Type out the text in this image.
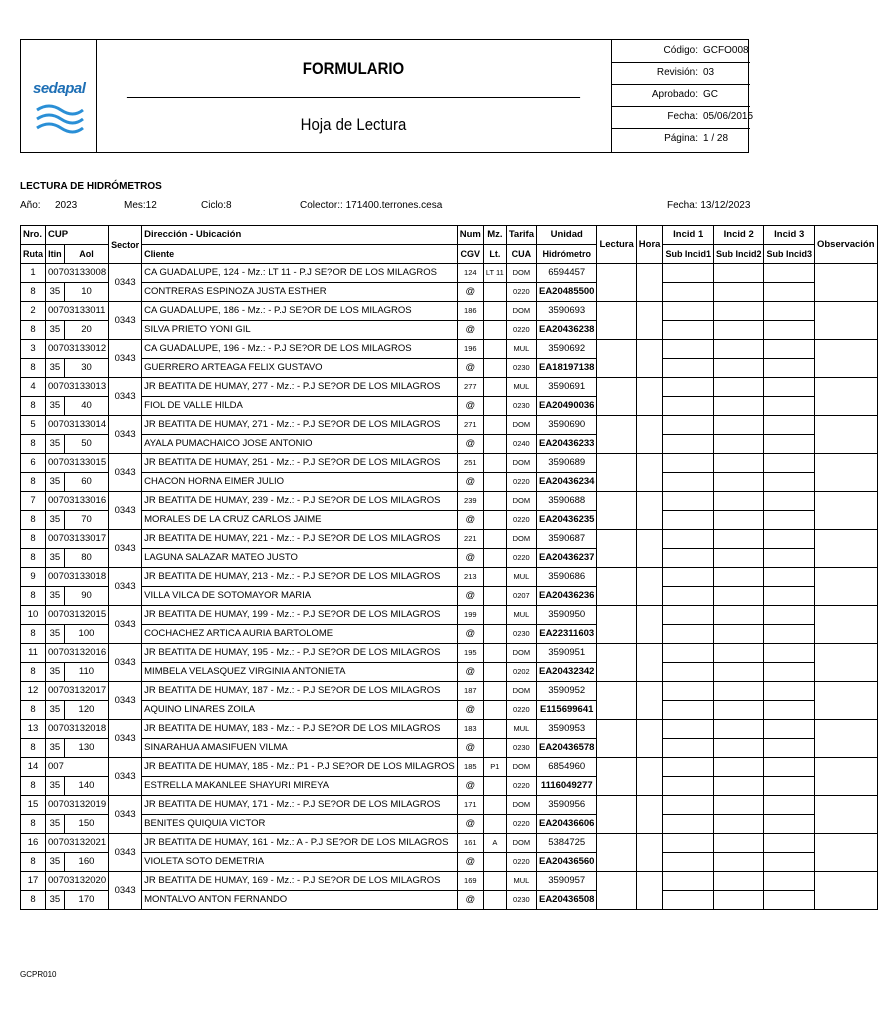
sedapal
FORMULARIO
Hoja de Lectura
Código: GCFO008
Revisión: 03
Aprobado: GC
Fecha: 05/06/2015
Página: 1 / 28
LECTURA DE HIDRÓMETROS
Año: 2023	Mes:12	Ciclo:8	Colector:: 171400.terrones.cesa	Fecha: 13/12/2023
Nro.	CUP		Sector	Dirección - Ubicación	Num	Mz.	Tarifa	Unidad	Lectura	Hora	Incid 1	Incid 2	Incid 3	Observación
Ruta	Itin	Aol		Cliente	CGV	Lt.	CUA	Hidrómetro			Sub Incid1	Sub Incid2	Sub Incid3	
1	00703133008		0343	CA GUADALUPE, 124 - Mz.: LT 11 - P.J SE?OR DE LOS MILAGROS	124	LT 11	DOM	6594457						
8	35	10		CONTRERAS ESPINOZA JUSTA ESTHER	@		0220	EA20485500						
2	00703133011		0343	CA GUADALUPE, 186 - Mz.: - P.J SE?OR DE LOS MILAGROS	186		DOM	3590693						
8	35	20		SILVA PRIETO YONI GIL	@		0220	EA20436238						
3	00703133012		0343	CA GUADALUPE, 196 - Mz.: - P.J SE?OR DE LOS MILAGROS	196		MUL	3590692						
8	35	30		GUERRERO ARTEAGA FELIX GUSTAVO	@		0230	EA18197138						
4	00703133013		0343	JR BEATITA DE HUMAY, 277 - Mz.: - P.J SE?OR DE LOS MILAGROS	277		MUL	3590691						
8	35	40		FIOL DE VALLE HILDA	@		0230	EA20490036						
5	00703133014		0343	JR BEATITA DE HUMAY, 271 - Mz.: - P.J SE?OR DE LOS MILAGROS	271		DOM	3590690						
8	35	50		AYALA PUMACHAICO JOSE ANTONIO	@		0240	EA20436233						
6	00703133015		0343	JR BEATITA DE HUMAY, 251 - Mz.: - P.J SE?OR DE LOS MILAGROS	251		DOM	3590689						
8	35	60		CHACON HORNA EIMER JULIO	@		0220	EA20436234						
7	00703133016		0343	JR BEATITA DE HUMAY, 239 - Mz.: - P.J SE?OR DE LOS MILAGROS	239		DOM	3590688						
8	35	70		MORALES DE LA CRUZ CARLOS JAIME	@		0220	EA20436235						
8	00703133017		0343	JR BEATITA DE HUMAY, 221 - Mz.: - P.J SE?OR DE LOS MILAGROS	221		DOM	3590687						
8	35	80		LAGUNA SALAZAR MATEO JUSTO	@		0220	EA20436237						
9	00703133018		0343	JR BEATITA DE HUMAY, 213 - Mz.: - P.J SE?OR DE LOS MILAGROS	213		MUL	3590686						
8	35	90		VILLA VILCA DE SOTOMAYOR MARIA	@		0207	EA20436236						
10	00703132015		0343	JR BEATITA DE HUMAY, 199 - Mz.: - P.J SE?OR DE LOS MILAGROS	199		MUL	3590950						
8	35	100		COCHACHEZ ARTICA AURIA BARTOLOME	@		0230	EA22311603						
11	00703132016		0343	JR BEATITA DE HUMAY, 195 - Mz.: - P.J SE?OR DE LOS MILAGROS	195		DOM	3590951						
8	35	110		MIMBELA VELASQUEZ VIRGINIA ANTONIETA	@		0202	EA20432342						
12	00703132017		0343	JR BEATITA DE HUMAY, 187 - Mz.: - P.J SE?OR DE LOS MILAGROS	187		DOM	3590952						
8	35	120		AQUINO LINARES ZOILA	@		0220	E115699641						
13	00703132018		0343	JR BEATITA DE HUMAY, 183 - Mz.: - P.J SE?OR DE LOS MILAGROS	183		MUL	3590953						
8	35	130		SINARAHUA AMASIFUEN VILMA	@		0230	EA20436578						
14	007		0343	JR BEATITA DE HUMAY, 185 - Mz.: P1 - P.J SE?OR DE LOS MILAGROS	185	P1	DOM	6854960						
8	35	140		ESTRELLA MAKANLEE SHAYURI MIREYA	@		0220	1116049277						
15	00703132019		0343	JR BEATITA DE HUMAY, 171 - Mz.: - P.J SE?OR DE LOS MILAGROS	171		DOM	3590956						
8	35	150		BENITES QUIQUIA VICTOR	@		0220	EA20436606						
16	00703132021		0343	JR BEATITA DE HUMAY, 161 - Mz.: A - P.J SE?OR DE LOS MILAGROS	161	A	DOM	5384725						
8	35	160		VIOLETA SOTO DEMETRIA	@		0220	EA20436560						
17	00703132020		0343	JR BEATITA DE HUMAY, 169 - Mz.: - P.J SE?OR DE LOS MILAGROS	169		MUL	3590957						
8	35	170		MONTALVO ANTON FERNANDO	@		0230	EA20436508						
GCPR010
